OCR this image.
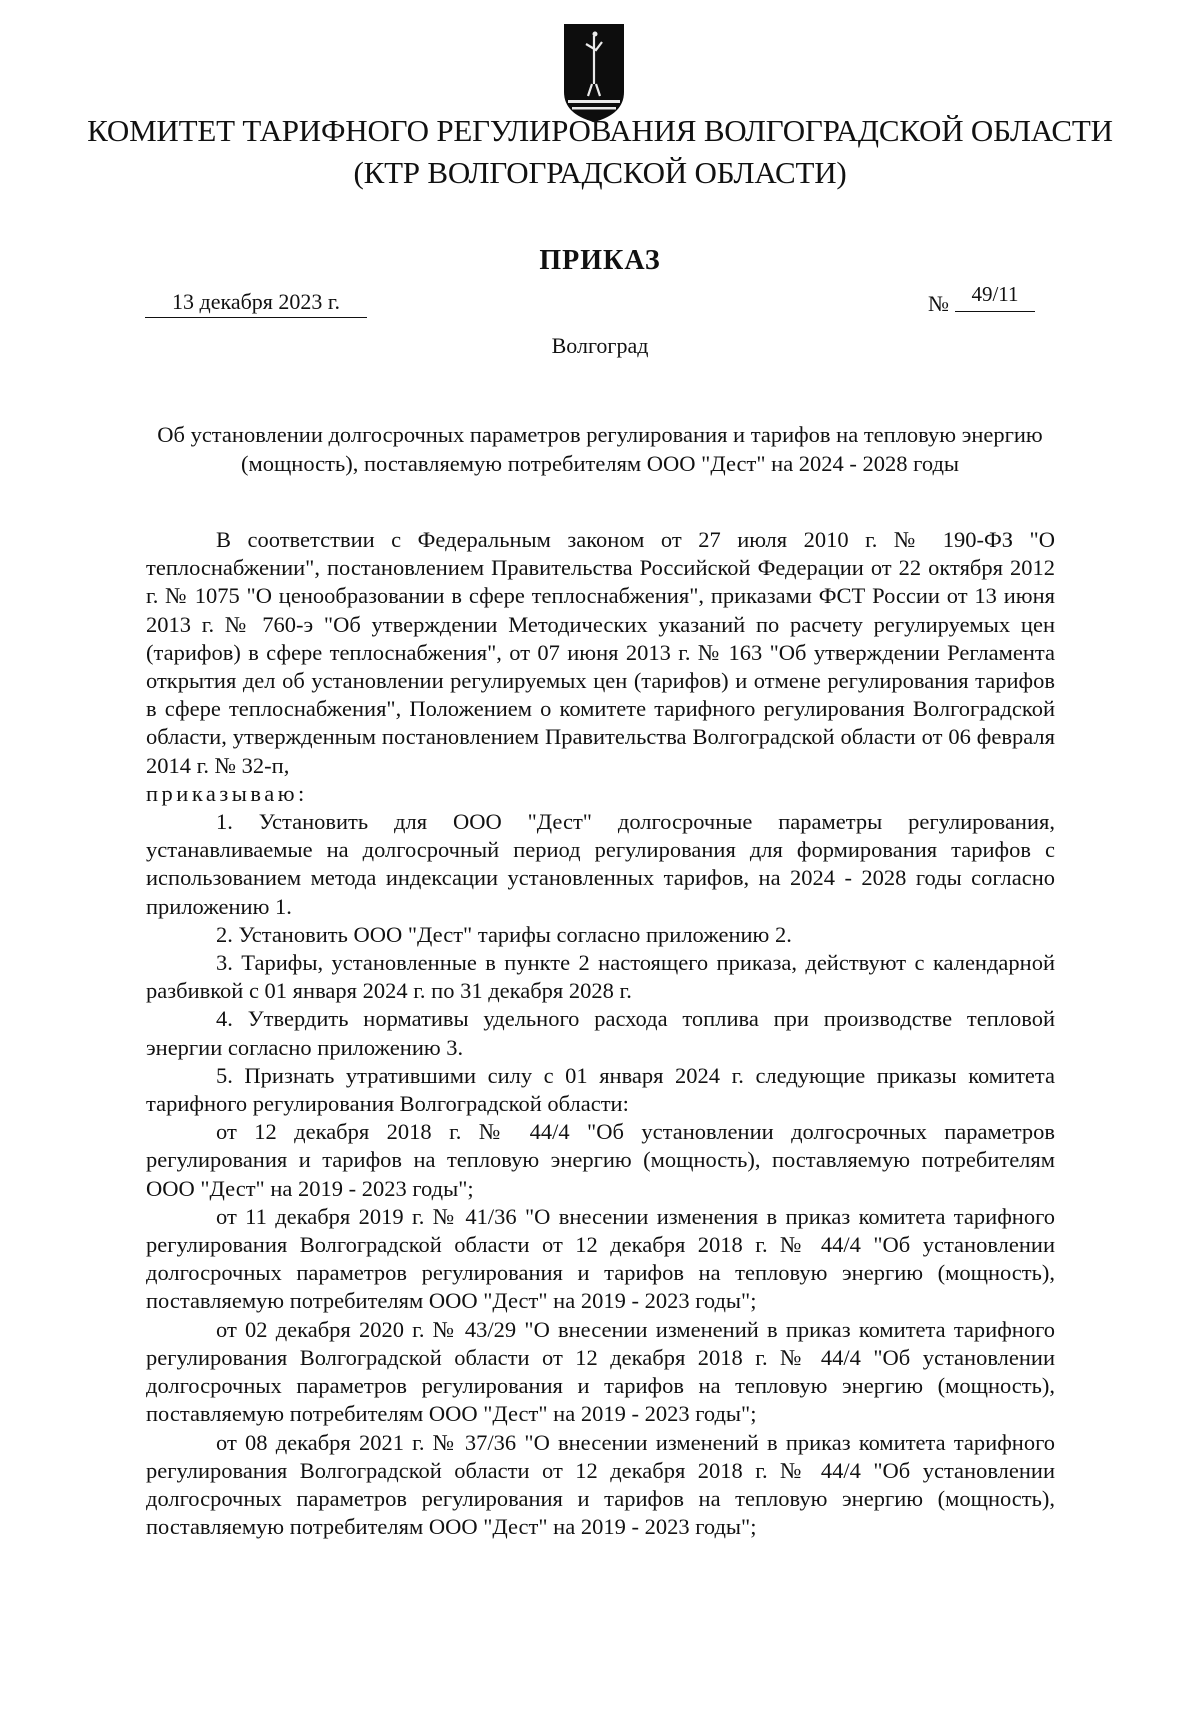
КОМИТЕТ ТАРИФНОГО РЕГУЛИРОВАНИЯ ВОЛГОГРАДСКОЙ ОБЛАСТИ
(КТР ВОЛГОГРАДСКОЙ ОБЛАСТИ)
ПРИКАЗ
13 декабря 2023 г.	№	49/11
Волгоград
Об установлении долгосрочных параметров регулирования и тарифов на тепловую энергию (мощность), поставляемую потребителям ООО "Дест" на 2024 - 2028 годы

В соответствии с Федеральным законом от 27 июля 2010 г. № 190-ФЗ "О теплоснабжении", постановлением Правительства Российской Федерации от 22 октября 2012 г. № 1075 "О ценообразовании в сфере теплоснабжения", приказами ФСТ России от 13 июня 2013 г. № 760-э "Об утверждении Методических указаний по расчету регулируемых цен (тарифов) в сфере теплоснабжения", от 07 июня 2013 г. № 163 "Об утверждении Регламента открытия дел об установлении регулируемых цен (тарифов) и отмене регулирования тарифов в сфере теплоснабжения", Положением о комитете тарифного регулирования Волгоградской области, утвержденным постановлением Правительства Волгоградской области от 06 февраля 2014 г. № 32-п,

приказываю:

1. Установить для ООО "Дест" долгосрочные параметры регулирования, устанавливаемые на долгосрочный период регулирования для формирования тарифов с использованием метода индексации установленных тарифов, на 2024 - 2028 годы согласно приложению 1.

2. Установить ООО "Дест" тарифы согласно приложению 2.

3. Тарифы, установленные в пункте 2 настоящего приказа, действуют с календарной разбивкой с 01 января 2024 г. по 31 декабря 2028 г.

4. Утвердить нормативы удельного расхода топлива при производстве тепловой энергии согласно приложению 3.

5. Признать утратившими силу с 01 января 2024 г. следующие приказы комитета тарифного регулирования Волгоградской области:

от 12 декабря 2018 г. № 44/4 "Об установлении долгосрочных параметров регулирования и тарифов на тепловую энергию (мощность), поставляемую потребителям ООО "Дест" на 2019 - 2023 годы";

от 11 декабря 2019 г. № 41/36 "О внесении изменения в приказ комитета тарифного регулирования Волгоградской области от 12 декабря 2018 г. № 44/4 "Об установлении долгосрочных параметров регулирования и тарифов на тепловую энергию (мощность), поставляемую потребителям ООО "Дест" на 2019 - 2023 годы";

от 02 декабря 2020 г. № 43/29 "О внесении изменений в приказ комитета тарифного регулирования Волгоградской области от 12 декабря 2018 г. № 44/4 "Об установлении долгосрочных параметров регулирования и тарифов на тепловую энергию (мощность), поставляемую потребителям ООО "Дест" на 2019 - 2023 годы";

от 08 декабря 2021 г. № 37/36 "О внесении изменений в приказ комитета тарифного регулирования Волгоградской области от 12 декабря 2018 г. № 44/4 "Об установлении долгосрочных параметров регулирования и тарифов на тепловую энергию (мощность), поставляемую потребителям ООО "Дест" на 2019 - 2023 годы";
